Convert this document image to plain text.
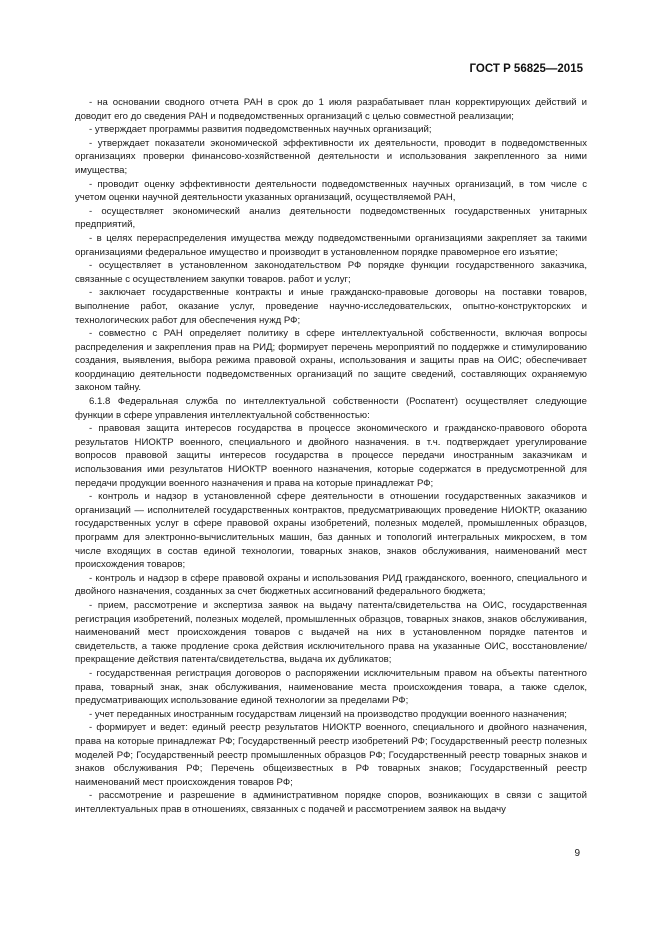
ГОСТ Р 56825—2015

- на основании сводного отчета РАН в срок до 1 июля разрабатывает план корректирующих действий и доводит его до сведения РАН и подведомственных организаций с целью совместной реализации;

- утверждает программы развития подведомственных научных организаций;

- утверждает показатели экономической эффективности их деятельности, проводит в подведомственных организациях проверки финансово-хозяйственной деятельности и использования закрепленного за ними имущества;

- проводит оценку эффективности деятельности подведомственных научных организаций, в том числе с учетом оценки научной деятельности указанных организаций, осуществляемой РАН,

- осуществляет экономический анализ деятельности подведомственных государственных унитарных предприятий,

- в целях перераспределения имущества между подведомственными организациями закрепляет за такими организациями федеральное имущество и производит в установленном порядке правомерное его изъятие;

- осуществляет в установленном законодательством РФ порядке функции государственного заказчика, связанные с осуществлением закупки товаров. работ и услуг;

- заключает государственные контракты и иные гражданско-правовые договоры на поставки товаров, выполнение работ, оказание услуг, проведение научно-исследовательских, опытно-конструкторских и технологических работ для обеспечения нужд РФ;

- совместно с РАН определяет политику в сфере интеллектуальной собственности, включая вопросы распределения и закрепления прав на РИД; формирует перечень мероприятий по поддержке и стимулированию создания, выявления, выбора режима правовой охраны, использования и защиты прав на ОИС; обеспечивает координацию деятельности подведомственных организаций по защите сведений, составляющих охраняемую законом тайну.

6.1.8 Федеральная служба по интеллектуальной собственности (Роспатент) осуществляет следующие функции в сфере управления интеллектуальной собственностью:

- правовая защита интересов государства в процессе экономического и гражданско-правового оборота результатов НИОКТР военного, специального и двойного назначения. в т.ч. подтверждает урегулирование вопросов правовой защиты интересов государства в процессе передачи иностранным заказчикам и использования ими результатов НИОКТР военного назначения, которые содержатся в предусмотренной для передачи продукции военного назначения и права на которые принадлежат РФ;

- контроль и надзор в установленной сфере деятельности в отношении государственных заказчиков и организаций — исполнителей государственных контрактов, предусматривающих проведение НИОКТР, оказанию государственных услуг в сфере правовой охраны изобретений, полезных моделей, промышленных образцов, программ для электронно-вычислительных машин, баз данных и топологий интегральных микросхем, в том числе входящих в состав единой технологии, товарных знаков, знаков обслуживания, наименований мест происхождения товаров;

- контроль и надзор в сфере правовой охраны и использования РИД гражданского, военного, специального и двойного назначения, созданных за счет бюджетных ассигнований федерального бюджета;

- прием, рассмотрение и экспертиза заявок на выдачу патента/свидетельства на ОИС, государственная регистрация изобретений, полезных моделей, промышленных образцов, товарных знаков, знаков обслуживания, наименований мест происхождения товаров с выдачей на них в установленном порядке патентов и свидетельств, а также продление срока действия исключительного права на указанные ОИС, восстановление/прекращение действия патента/свидетельства, выдача их дубликатов;

- государственная регистрация договоров о распоряжении исключительным правом на объекты патентного права, товарный знак, знак обслуживания, наименование места происхождения товара, а также сделок, предусматривающих использование единой технологии за пределами РФ;

- учет переданных иностранным государствам лицензий на производство продукции военного назначения;

- формирует и ведет: единый реестр результатов НИОКТР военного, специального и двойного назначения, права на которые принадлежат РФ; Государственный реестр изобретений РФ; Государственный реестр полезных моделей РФ; Государственный реестр промышленных образцов РФ; Государственный реестр товарных знаков и знаков обслуживания РФ; Перечень общеизвестных в РФ товарных знаков; Государственный реестр наименований мест происхождения товаров РФ;

- рассмотрение и разрешение в административном порядке споров, возникающих в связи с защитой интеллектуальных прав в отношениях, связанных с подачей и рассмотрением заявок на выдачу

9
